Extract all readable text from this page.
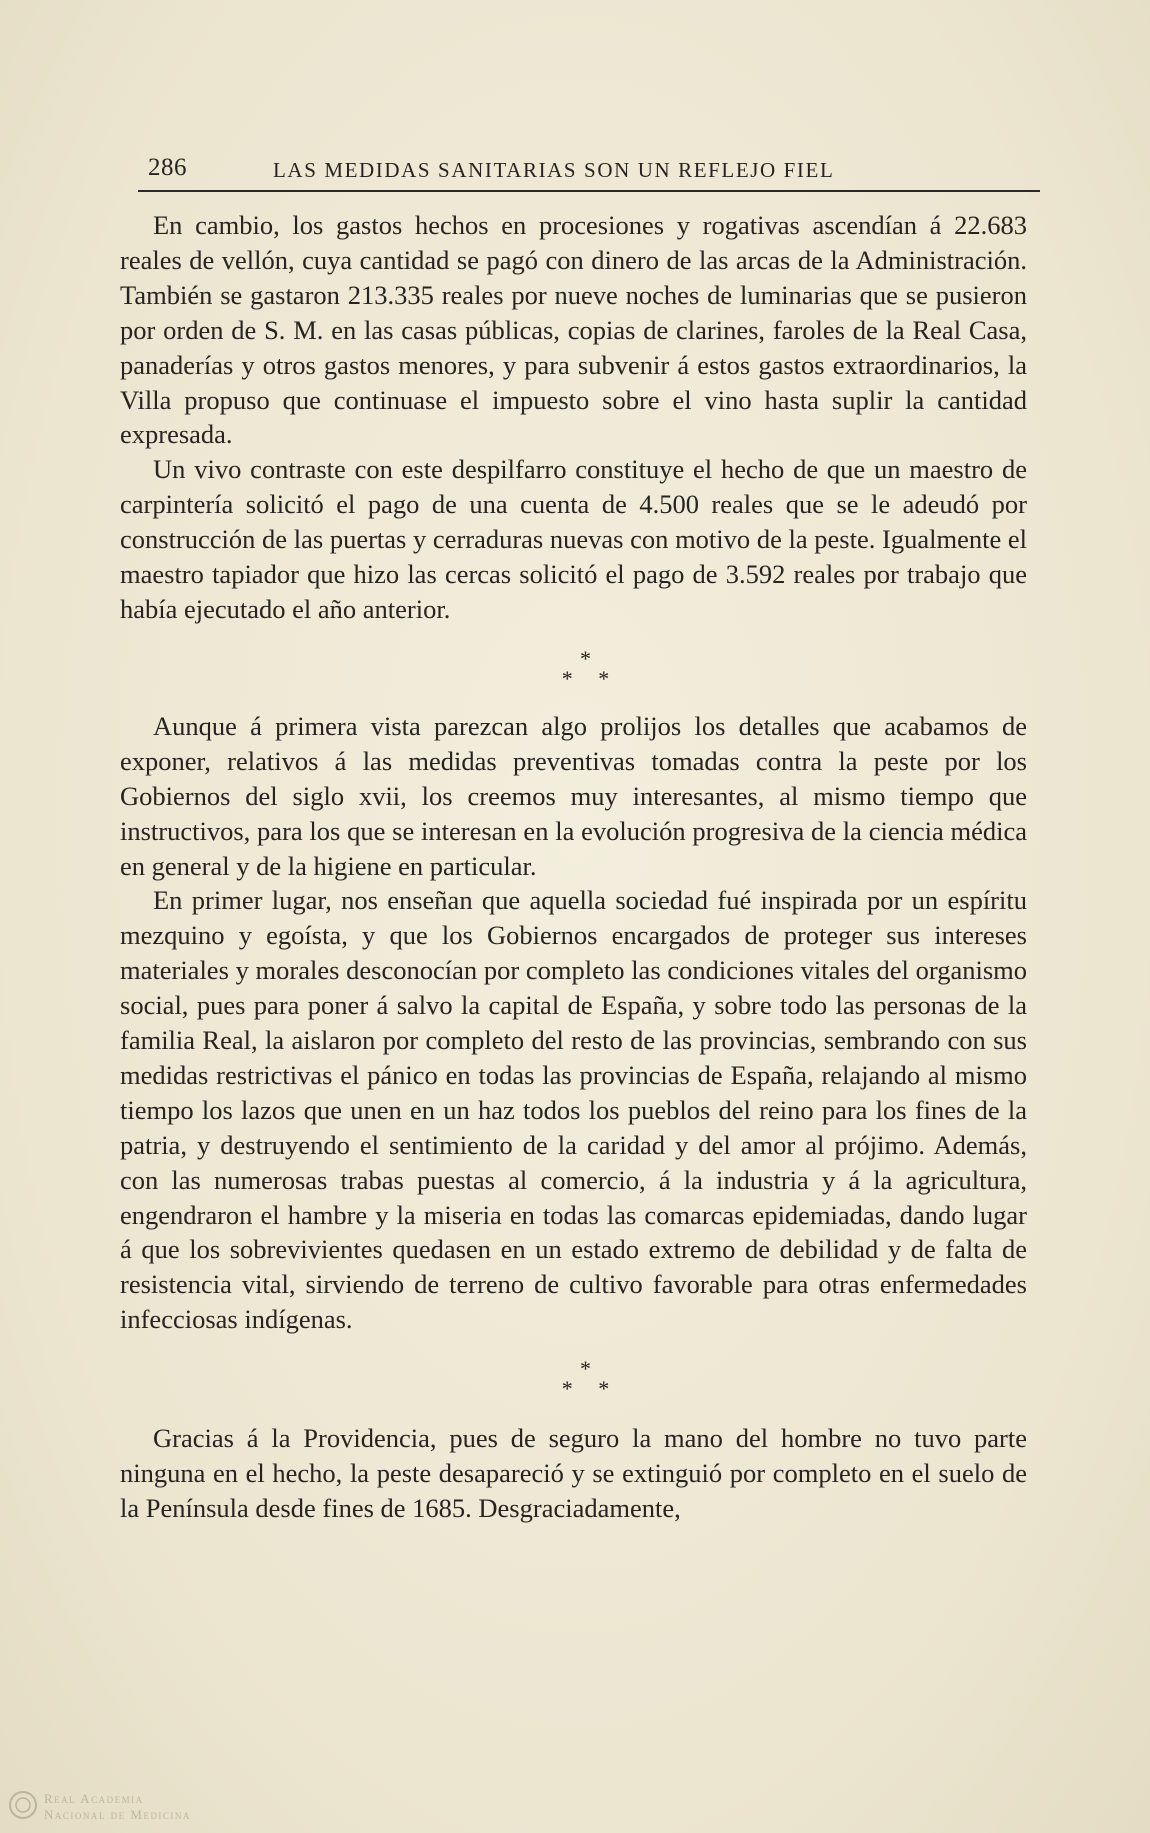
286	LAS MEDIDAS SANITARIAS SON UN REFLEJO FIEL

En cambio, los gastos hechos en procesiones y rogativas ascendían á 22.683 reales de vellón, cuya cantidad se pagó con dinero de las arcas de la Administración. También se gastaron 213.335 reales por nueve noches de luminarias que se pusieron por orden de S. M. en las casas públicas, copias de clarines, faroles de la Real Casa, panaderías y otros gastos menores, y para subvenir á estos gastos extraordinarios, la Villa propuso que continuase el impuesto sobre el vino hasta suplir la cantidad expresada.

Un vivo contraste con este despilfarro constituye el hecho de que un maestro de carpintería solicitó el pago de una cuenta de 4.500 reales que se le adeudó por construcción de las puertas y cerraduras nuevas con motivo de la peste. Igualmente el maestro tapiador que hizo las cercas solicitó el pago de 3.592 reales por trabajo que había ejecutado el año anterior.

*
* *

Aunque á primera vista parezcan algo prolijos los detalles que acabamos de exponer, relativos á las medidas preventivas tomadas contra la peste por los Gobiernos del siglo xvii, los creemos muy interesantes, al mismo tiempo que instructivos, para los que se interesan en la evolución progresiva de la ciencia médica en general y de la higiene en particular.

En primer lugar, nos enseñan que aquella sociedad fué inspirada por un espíritu mezquino y egoísta, y que los Gobiernos encargados de proteger sus intereses materiales y morales desconocían por completo las condiciones vitales del organismo social, pues para poner á salvo la capital de España, y sobre todo las personas de la familia Real, la aislaron por completo del resto de las provincias, sembrando con sus medidas restrictivas el pánico en todas las provincias de España, relajando al mismo tiempo los lazos que unen en un haz todos los pueblos del reino para los fines de la patria, y destruyendo el sentimiento de la caridad y del amor al prójimo. Además, con las numerosas trabas puestas al comercio, á la industria y á la agricultura, engendraron el hambre y la miseria en todas las comarcas epidemiadas, dando lugar á que los sobrevivientes quedasen en un estado extremo de debilidad y de falta de resistencia vital, sirviendo de terreno de cultivo favorable para otras enfermedades infecciosas indígenas.

*
* *

Gracias á la Providencia, pues de seguro la mano del hombre no tuvo parte ninguna en el hecho, la peste desapareció y se extinguió por completo en el suelo de la Península desde fines de 1685. Desgraciadamente,

Real Academia
Nacional de Medicina
